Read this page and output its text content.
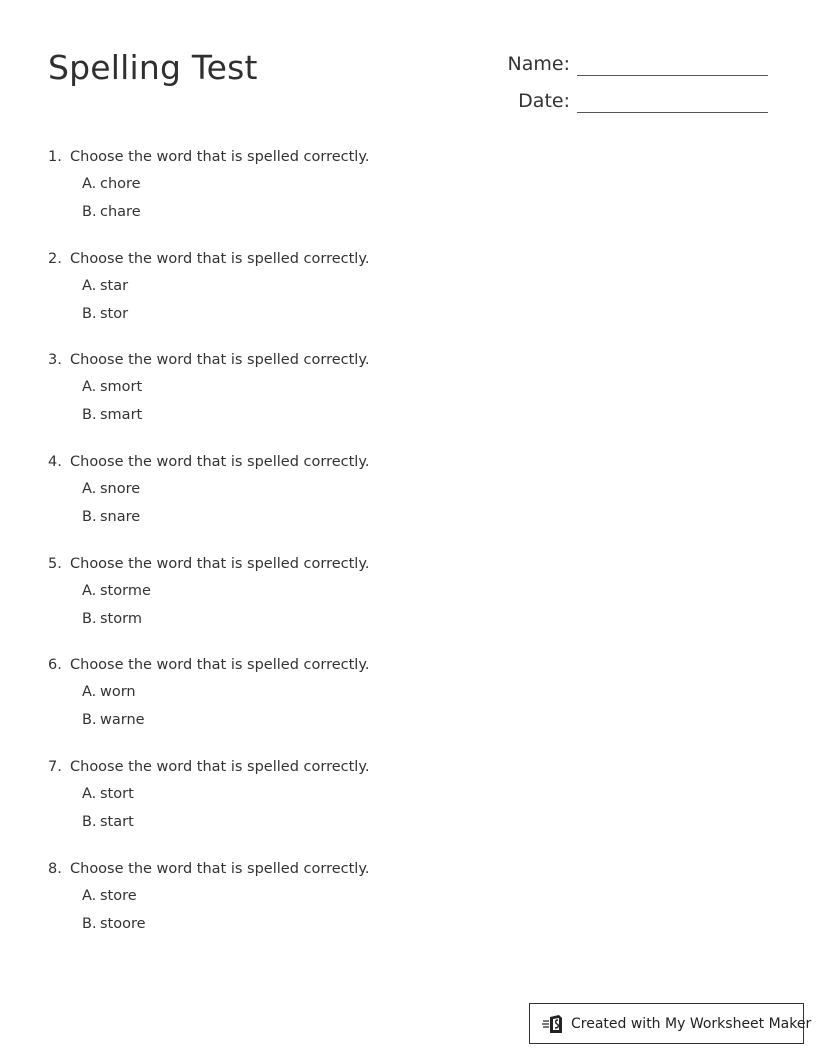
Spelling Test	Name:
Date:
1. Choose the word that is spelled correctly.
A. chore
B. chare
2. Choose the word that is spelled correctly.
A. star
B. stor
3. Choose the word that is spelled correctly.
A. smort
B. smart
4. Choose the word that is spelled correctly.
A. snore
B. snare
5. Choose the word that is spelled correctly.
A. storme
B. storm
6. Choose the word that is spelled correctly.
A. worn
B. warne
7. Choose the word that is spelled correctly.
A. stort
B. start
8. Choose the word that is spelled correctly.
A. store
B. stoore
Created with My Worksheet Maker
